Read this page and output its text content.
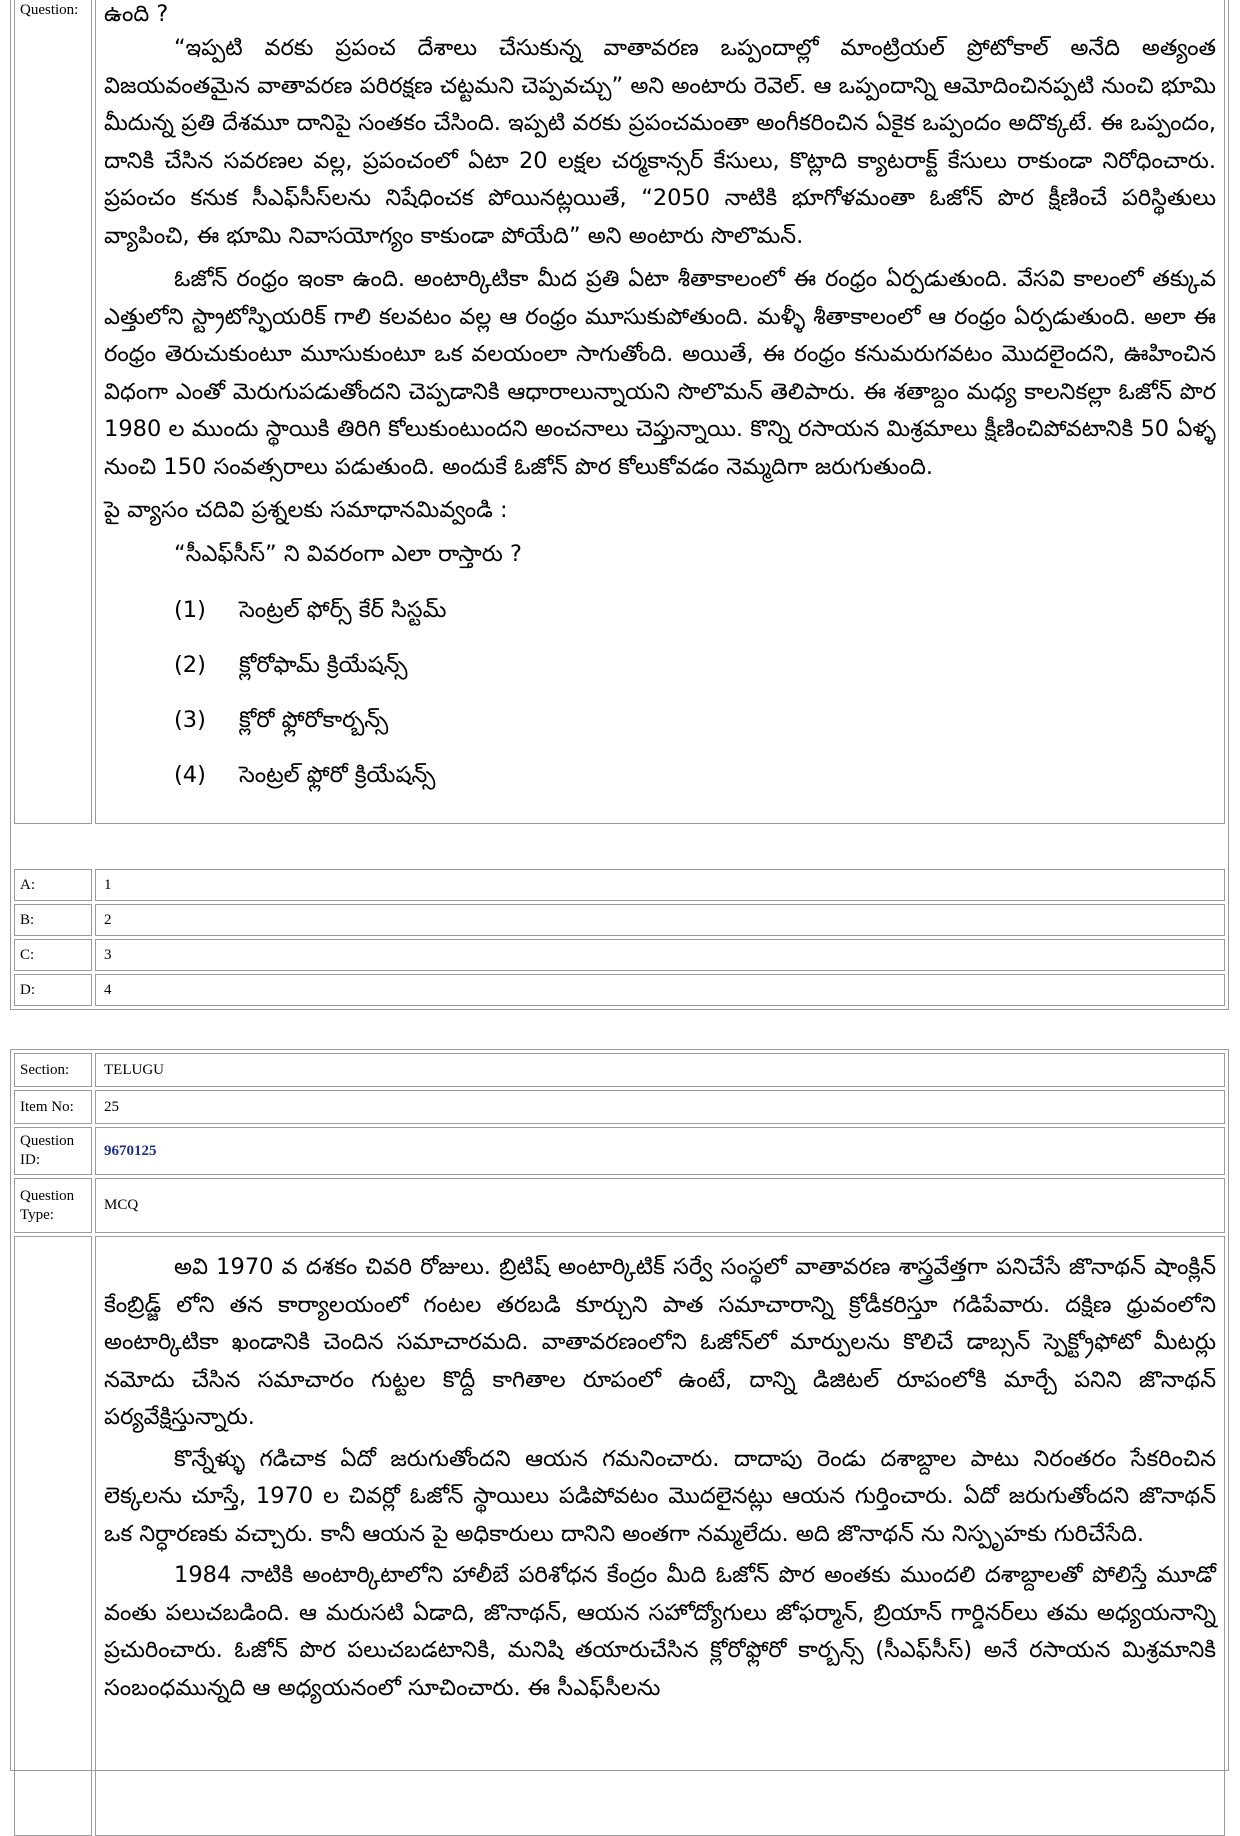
Question:	ఉంది ?

“ఇప్పటి వరకు ప్రపంచ దేశాలు చేసుకున్న వాతావరణ ఒప్పందాల్లో మాంట్రియల్ ప్రోటోకాల్ అనేది అత్యంత విజయవంతమైన వాతావరణ పరిరక్షణ చట్టమని చెప్పవచ్చు” అని అంటారు రెవెల్. ఆ ఒప్పందాన్ని ఆమోదించినప్పటి నుంచి భూమి మీదున్న ప్రతి దేశమూ దానిపై సంతకం చేసింది. ఇప్పటి వరకు ప్రపంచమంతా అంగీకరించిన ఏకైక ఒప్పందం అదొక్కటే. ఈ ఒప్పందం, దానికి చేసిన సవరణల వల్ల, ప్రపంచంలో ఏటా 20 లక్షల చర్మకాన్సర్ కేసులు, కొట్లాది క్యాటరాక్ట్ కేసులు రాకుండా నిరోధించారు. ప్రపంచం కనుక సీఎఫ్‌సీస్‌లను నిషేధించక పోయినట్లయితే, “2050 నాటికి భూగోళమంతా ఓజోన్ పొర క్షీణించే పరిస్థితులు వ్యాపించి, ఈ భూమి నివాసయోగ్యం కాకుండా పోయేది” అని అంటారు సొలొమన్.

ఓజోన్ రంధ్రం ఇంకా ఉంది. అంటార్కిటికా మీద ప్రతి ఏటా శీతాకాలంలో ఈ రంధ్రం ఏర్పడుతుంది. వేసవి కాలంలో తక్కువ ఎత్తులోని స్ట్రాటోస్ఫియరిక్ గాలి కలవటం వల్ల ఆ రంధ్రం మూసుకుపోతుంది. మళ్ళీ శీతాకాలంలో ఆ రంధ్రం ఏర్పడుతుంది. అలా ఈ రంధ్రం తెరుచుకుంటూ మూసుకుంటూ ఒక వలయంలా సాగుతోంది. అయితే, ఈ రంధ్రం కనుమరుగవటం మొదలైందని, ఊహించిన విధంగా ఎంతో మెరుగుపడుతోందని చెప్పడానికి ఆధారాలున్నాయని సొలొమన్ తెలిపారు. ఈ శతాబ్దం మధ్య కాలనికల్లా ఓజోన్ పొర 1980 ల ముందు స్థాయికి తిరిగి కోలుకుంటుందని అంచనాలు చెప్తున్నాయి. కొన్ని రసాయన మిశ్రమాలు క్షీణించిపోవటానికి 50 ఏళ్ళ నుంచి 150 సంవత్సరాలు పడుతుంది. అందుకే ఓజోన్ పొర కోలుకోవడం నెమ్మదిగా జరుగుతుంది.

పై వ్యాసం చదివి ప్రశ్నలకు సమాధానమివ్వండి :

“సీఎఫ్‌సీస్” ని వివరంగా ఎలా రాస్తారు ?

(1)	సెంట్రల్ ఫోర్స్ కేర్ సిస్టమ్
(2)	క్లోరోఫామ్ క్రియేషన్స్
(3)	క్లోరో ఫ్లోరోకార్బన్స్
(4)	సెంట్రల్ ఫ్లోరో క్రియేషన్స్
A:	1
B:	2
C:	3
D:	4
Section: TELUGU
Item No: 25
Question ID:
9670125
Question Type:
MCQ

అవి 1970 వ దశకం చివరి రోజులు. బ్రిటిష్ అంటార్కిటిక్ సర్వే సంస్థలో వాతావరణ శాస్త్రవేత్తగా పనిచేసే జొనాథన్ షాంక్లిన్ కేంబ్రిడ్జ్ లోని తన కార్యాలయంలో గంటల తరబడి కూర్చుని పాత సమాచారాన్ని క్రోడీకరిస్తూ గడిపేవారు. దక్షిణ ధ్రువంలోని అంటార్కిటికా ఖండానికి చెందిన సమాచారమది. వాతావరణంలోని ఓజోన్‌లో మార్పులను కొలిచే డాబ్సన్ స్పెక్ట్రోఫోటో మీటర్లు నమోదు చేసిన సమాచారం గుట్టల కొద్దీ కాగితాల రూపంలో ఉంటే, దాన్ని డిజిటల్ రూపంలోకి మార్చే పనిని జొనాథన్ పర్యవేక్షిస్తున్నారు.

కొన్నేళ్ళు గడిచాక ఏదో జరుగుతోందని ఆయన గమనించారు. దాదాపు రెండు దశాబ్దాల పాటు నిరంతరం సేకరించిన లెక్కలను చూస్తే, 1970 ల చివర్లో ఓజోన్ స్థాయిలు పడిపోవటం మొదలైనట్లు ఆయన గుర్తించారు. ఏదో జరుగుతోందని జొనాథన్ ఒక నిర్ధారణకు వచ్చారు. కానీ ఆయన పై అధికారులు దానిని అంతగా నమ్మలేదు. అది జొనాథన్ ను నిస్పృహకు గురిచేసేది.

1984 నాటికి అంటార్కిటాలోని హాలీబే పరిశోధన కేంద్రం మీది ఓజోన్ పొర అంతకు ముందలి దశాబ్దాలతో పోలిస్తే మూడో వంతు పలుచబడింది. ఆ మరుసటి ఏడాది, జొనాథన్, ఆయన సహోద్యోగులు జోఫర్మాన్, బ్రియాన్ గార్డినర్‌లు తమ అధ్యయనాన్ని ప్రచురించారు. ఓజోన్ పొర పలుచబడటానికి, మనిషి తయారుచేసిన క్లోరోఫ్లోరో కార్బన్స్ (సీఎఫ్‌సీస్) అనే రసాయన మిశ్రమానికి సంబంధమున్నది ఆ అధ్యయనంలో సూచించారు. ఈ సీఎఫ్‌సీలను
